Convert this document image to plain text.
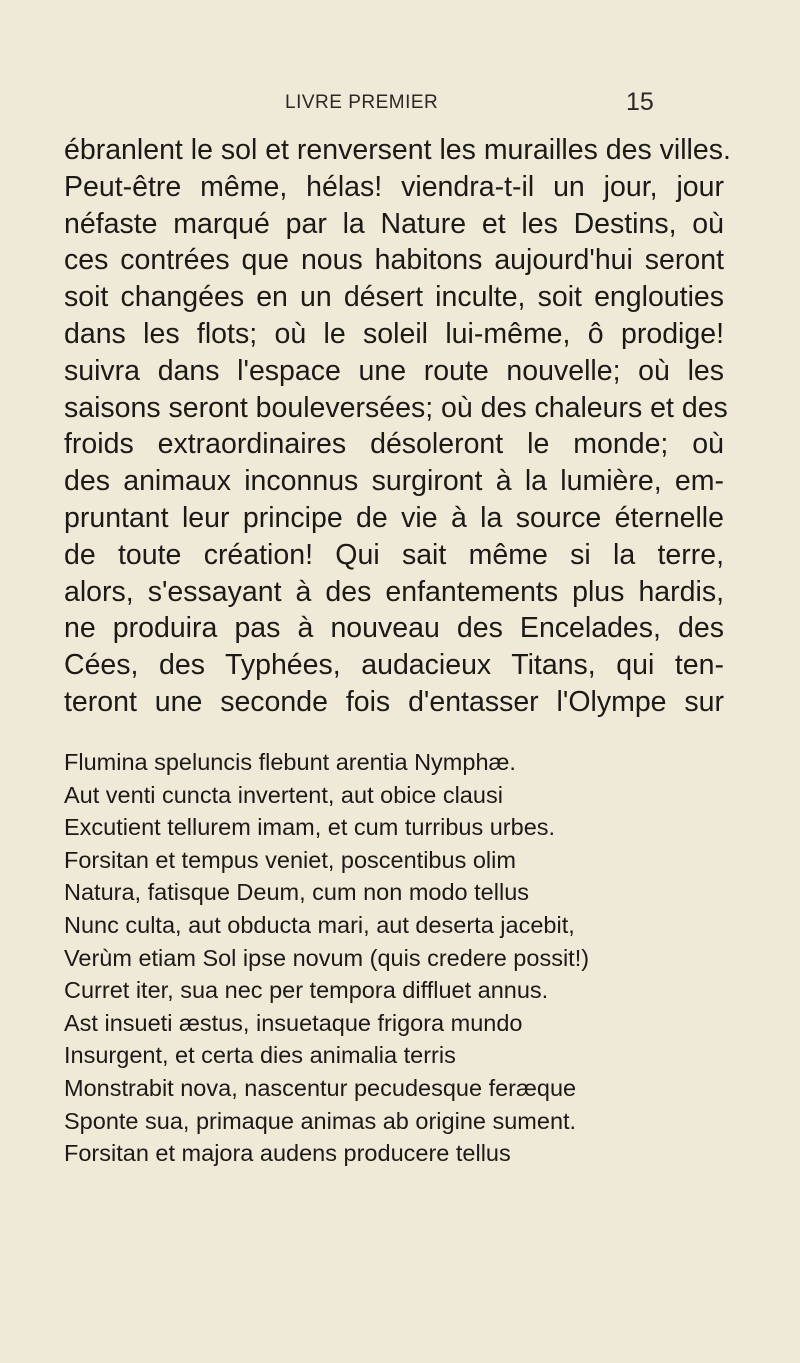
LIVRE PREMIER	15
ébranlent le sol et renversent les murailles des villes.
Peut-être même, hélas! viendra-t-il un jour, jour
néfaste marqué par la Nature et les Destins, où
ces contrées que nous habitons aujourd'hui seront
soit changées en un désert inculte, soit englouties
dans les flots; où le soleil lui-même, ô prodige!
suivra dans l'espace une route nouvelle; où les
saisons seront bouleversées; où des chaleurs et des
froids extraordinaires désoleront le monde; où
des animaux inconnus surgiront à la lumière, em-
pruntant leur principe de vie à la source éternelle
de toute création! Qui sait même si la terre,
alors, s'essayant à des enfantements plus hardis,
ne produira pas à nouveau des Encelades, des
Cées, des Typhées, audacieux Titans, qui ten-
teront une seconde fois d'entasser l'Olympe sur
Flumina speluncis flebunt arentia Nymphæ.
Aut venti cuncta invertent, aut obice clausi
Excutient tellurem imam, et cum turribus urbes.
Forsitan et tempus veniet, poscentibus olim
Natura, fatisque Deum, cum non modo tellus
Nunc culta, aut obducta mari, aut deserta jacebit,
Verùm etiam Sol ipse novum (quis credere possit!)
Curret iter, sua nec per tempora diffluet annus.
Ast insueti æstus, insuetaque frigora mundo
Insurgent, et certa dies animalia terris
Monstrabit nova, nascentur pecudesque feræque
Sponte sua, primaque animas ab origine sument.
Forsitan et majora audens producere tellus
